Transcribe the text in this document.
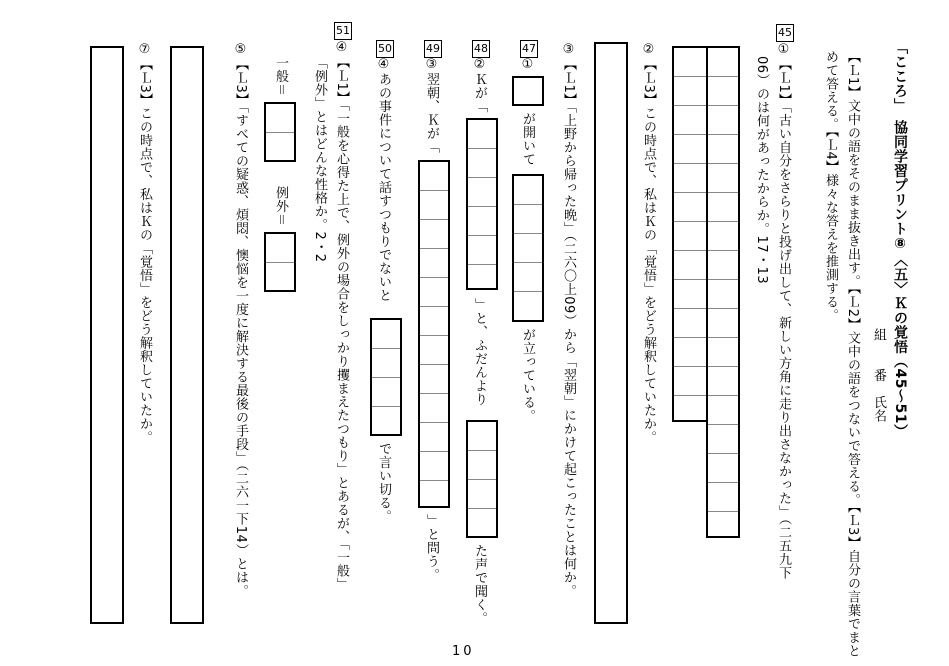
「こころ」　協同学習プリント⑧〈五〉Ｋの覚悟（45〜51）
組　　番　氏名
【Ｌ1】文中の語をそのまま抜き出す。【Ｌ2】文中の語をつないで答える。【Ｌ3】自分の言葉でまと
めて答える。【Ｌ4】様々な答えを推測する。
45
①【Ｌ1】「古い自分をさらりと投げ出して、新しい方角に走り出さなかった」（二五九下
06）のは何があったからか。17・13
②【Ｌ3】この時点で、私はＫの「覚悟」をどう解釈していたか。
③【Ｌ1】「上野から帰った晩」（二六〇上09）から「翌朝」にかけて起こったことは何か。
47
①
が開いて
が立っている。
48
②Ｋが「
」と、ふだんより
た声で聞く。
49
③翌朝、Ｋが「
」と問う。
50
④あの事件について話すつもりでないと
で言い切る。
51
④【Ｌ1】「一般を心得た上で、例外の場合をしっかり攫まえたつもり」とあるが、「一般」
「例外」とはどんな性格か。2・2
一般＝
例外＝
⑤【Ｌ3】「すべての疑惑、煩悶、懊悩を一度に解決する最後の手段」（二六一下14）とは。
⑦【Ｌ3】この時点で、私はＫの「覚悟」をどう解釈していたか。
10
